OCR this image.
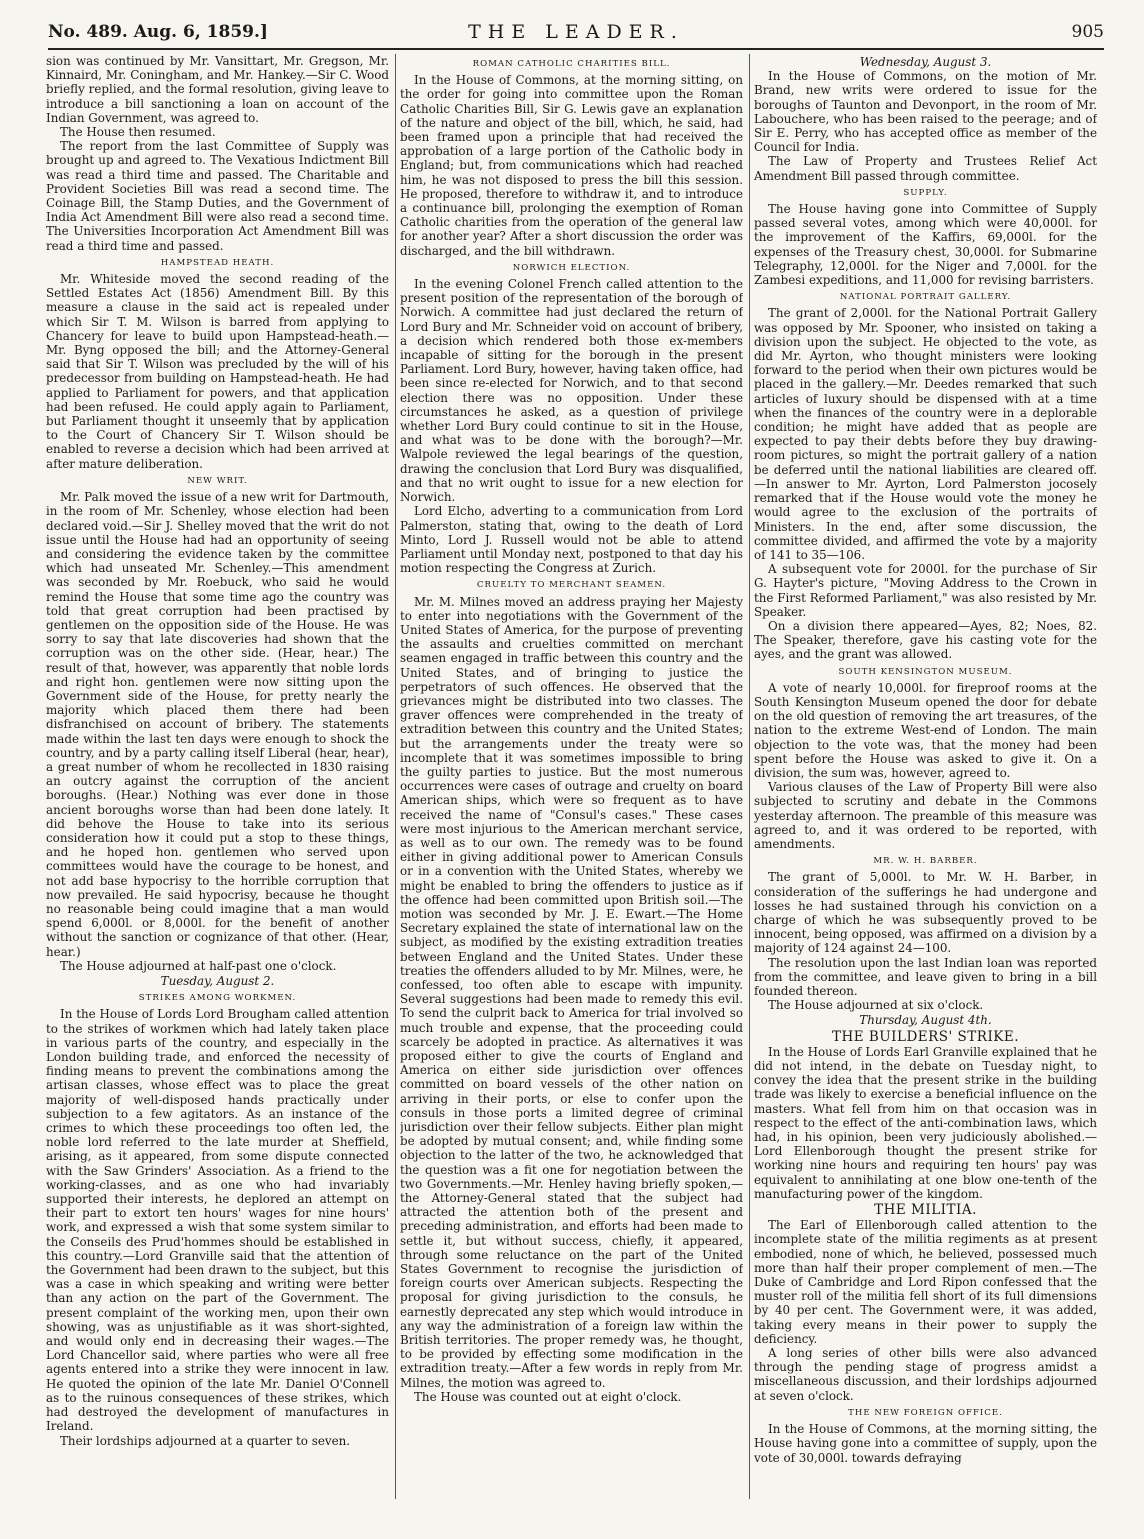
No. 489. Aug. 6, 1859.]	THE LEADER.	905

sion was continued by Mr. Vansittart, Mr. Gregson, Mr. Kinnaird, Mr. Coningham, and Mr. Hankey.—Sir C. Wood briefly replied, and the formal resolution, giving leave to introduce a bill sanctioning a loan on account of the Indian Government, was agreed to.

The House then resumed.

The report from the last Committee of Supply was brought up and agreed to. The Vexatious Indictment Bill was read a third time and passed. The Charitable and Provident Societies Bill was read a second time. The Coinage Bill, the Stamp Duties, and the Government of India Act Amendment Bill were also read a second time. The Universities Incorporation Act Amendment Bill was read a third time and passed.

HAMPSTEAD HEATH.

Mr. Whiteside moved the second reading of the Settled Estates Act (1856) Amendment Bill. By this measure a clause in the said act is repealed under which Sir T. M. Wilson is barred from applying to Chancery for leave to build upon Hampstead-heath.—Mr. Byng opposed the bill; and the Attorney-General said that Sir T. Wilson was precluded by the will of his predecessor from building on Hampstead-heath. He had applied to Parliament for powers, and that application had been refused. He could apply again to Parliament, but Parliament thought it unseemly that by application to the Court of Chancery Sir T. Wilson should be enabled to reverse a decision which had been arrived at after mature deliberation.

NEW WRIT.

Mr. Palk moved the issue of a new writ for Dartmouth, in the room of Mr. Schenley, whose election had been declared void.—Sir J. Shelley moved that the writ do not issue until the House had had an opportunity of seeing and considering the evidence taken by the committee which had unseated Mr. Schenley.—This amendment was seconded by Mr. Roebuck, who said he would remind the House that some time ago the country was told that great corruption had been practised by gentlemen on the opposition side of the House. He was sorry to say that late discoveries had shown that the corruption was on the other side. (Hear, hear.) The result of that, however, was apparently that noble lords and right hon. gentlemen were now sitting upon the Government side of the House, for pretty nearly the majority which placed them there had been disfranchised on account of bribery. The statements made within the last ten days were enough to shock the country, and by a party calling itself Liberal (hear, hear), a great number of whom he recollected in 1830 raising an outcry against the corruption of the ancient boroughs. (Hear.) Nothing was ever done in those ancient boroughs worse than had been done lately. It did behove the House to take into its serious consideration how it could put a stop to these things, and he hoped hon. gentlemen who served upon committees would have the courage to be honest, and not add base hypocrisy to the horrible corruption that now prevailed. He said hypocrisy, because he thought no reasonable being could imagine that a man would spend 6,000l. or 8,000l. for the benefit of another without the sanction or cognizance of that other. (Hear, hear.)

The House adjourned at half-past one o'clock.

Tuesday, August 2.

STRIKES AMONG WORKMEN.

In the House of Lords Lord Brougham called attention to the strikes of workmen which had lately taken place in various parts of the country, and especially in the London building trade, and enforced the necessity of finding means to prevent the combinations among the artisan classes, whose effect was to place the great majority of well-disposed hands practically under subjection to a few agitators. As an instance of the crimes to which these proceedings too often led, the noble lord referred to the late murder at Sheffield, arising, as it appeared, from some dispute connected with the Saw Grinders' Association. As a friend to the working-classes, and as one who had invariably supported their interests, he deplored an attempt on their part to extort ten hours' wages for nine hours' work, and expressed a wish that some system similar to the Conseils des Prud'hommes should be established in this country.—Lord Granville said that the attention of the Government had been drawn to the subject, but this was a case in which speaking and writing were better than any action on the part of the Government. The present complaint of the working men, upon their own showing, was as unjustifiable as it was short-sighted, and would only end in decreasing their wages.—The Lord Chancellor said, where parties who were all free agents entered into a strike they were innocent in law. He quoted the opinion of the late Mr. Daniel O'Connell as to the ruinous consequences of these strikes, which had destroyed the development of manufactures in Ireland.

Their lordships adjourned at a quarter to seven.

ROMAN CATHOLIC CHARITIES BILL.

In the House of Commons, at the morning sitting, on the order for going into committee upon the Roman Catholic Charities Bill, Sir G. Lewis gave an explanation of the nature and object of the bill, which, he said, had been framed upon a principle that had received the approbation of a large portion of the Catholic body in England; but, from communications which had reached him, he was not disposed to press the bill this session. He proposed, therefore to withdraw it, and to introduce a continuance bill, prolonging the exemption of Roman Catholic charities from the operation of the general law for another year? After a short discussion the order was discharged, and the bill withdrawn.

NORWICH ELECTION.

In the evening Colonel French called attention to the present position of the representation of the borough of Norwich. A committee had just declared the return of Lord Bury and Mr. Schneider void on account of bribery, a decision which rendered both those ex-members incapable of sitting for the borough in the present Parliament. Lord Bury, however, having taken office, had been since re-elected for Norwich, and to that second election there was no opposition. Under these circumstances he asked, as a question of privilege whether Lord Bury could continue to sit in the House, and what was to be done with the borough?—Mr. Walpole reviewed the legal bearings of the question, drawing the conclusion that Lord Bury was disqualified, and that no writ ought to issue for a new election for Norwich.

Lord Elcho, adverting to a communication from Lord Palmerston, stating that, owing to the death of Lord Minto, Lord J. Russell would not be able to attend Parliament until Monday next, postponed to that day his motion respecting the Congress at Zurich.

CRUELTY TO MERCHANT SEAMEN.

Mr. M. Milnes moved an address praying her Majesty to enter into negotiations with the Government of the United States of America, for the purpose of preventing the assaults and cruelties committed on merchant seamen engaged in traffic between this country and the United States, and of bringing to justice the perpetrators of such offences. He observed that the grievances might be distributed into two classes. The graver offences were comprehended in the treaty of extradition between this country and the United States; but the arrangements under the treaty were so incomplete that it was sometimes impossible to bring the guilty parties to justice. But the most numerous occurrences were cases of outrage and cruelty on board American ships, which were so frequent as to have received the name of "Consul's cases." These cases were most injurious to the American merchant service, as well as to our own. The remedy was to be found either in giving additional power to American Consuls or in a convention with the United States, whereby we might be enabled to bring the offenders to justice as if the offence had been committed upon British soil.—The motion was seconded by Mr. J. E. Ewart.—The Home Secretary explained the state of international law on the subject, as modified by the existing extradition treaties between England and the United States. Under these treaties the offenders alluded to by Mr. Milnes, were, he confessed, too often able to escape with impunity. Several suggestions had been made to remedy this evil. To send the culprit back to America for trial involved so much trouble and expense, that the proceeding could scarcely be adopted in practice. As alternatives it was proposed either to give the courts of England and America on either side jurisdiction over offences committed on board vessels of the other nation on arriving in their ports, or else to confer upon the consuls in those ports a limited degree of criminal jurisdiction over their fellow subjects. Either plan might be adopted by mutual consent; and, while finding some objection to the latter of the two, he acknowledged that the question was a fit one for negotiation between the two Governments.—Mr. Henley having briefly spoken,—the Attorney-General stated that the subject had attracted the attention both of the present and preceding administration, and efforts had been made to settle it, but without success, chiefly, it appeared, through some reluctance on the part of the United States Government to recognise the jurisdiction of foreign courts over American subjects. Respecting the proposal for giving jurisdiction to the consuls, he earnestly deprecated any step which would introduce in any way the administration of a foreign law within the British territories. The proper remedy was, he thought, to be provided by effecting some modification in the extradition treaty.—After a few words in reply from Mr. Milnes, the motion was agreed to.

The House was counted out at eight o'clock.

Wednesday, August 3.

In the House of Commons, on the motion of Mr. Brand, new writs were ordered to issue for the boroughs of Taunton and Devonport, in the room of Mr. Labouchere, who has been raised to the peerage; and of Sir E. Perry, who has accepted office as member of the Council for India.

The Law of Property and Trustees Relief Act Amendment Bill passed through committee.

SUPPLY.

The House having gone into Committee of Supply passed several votes, among which were 40,000l. for the improvement of the Kaffirs, 69,000l. for the expenses of the Treasury chest, 30,000l. for Submarine Telegraphy, 12,000l. for the Niger and 7,000l. for the Zambesi expeditions, and 11,000 for revising barristers.

NATIONAL PORTRAIT GALLERY.

The grant of 2,000l. for the National Portrait Gallery was opposed by Mr. Spooner, who insisted on taking a division upon the subject. He objected to the vote, as did Mr. Ayrton, who thought ministers were looking forward to the period when their own pictures would be placed in the gallery.—Mr. Deedes remarked that such articles of luxury should be dispensed with at a time when the finances of the country were in a deplorable condition; he might have added that as people are expected to pay their debts before they buy drawing-room pictures, so might the portrait gallery of a nation be deferred until the national liabilities are cleared off.—In answer to Mr. Ayrton, Lord Palmerston jocosely remarked that if the House would vote the money he would agree to the exclusion of the portraits of Ministers. In the end, after some discussion, the committee divided, and affirmed the vote by a majority of 141 to 35—106.

A subsequent vote for 2000l. for the purchase of Sir G. Hayter's picture, "Moving Address to the Crown in the First Reformed Parliament," was also resisted by Mr. Speaker.

On a division there appeared—Ayes, 82; Noes, 82. The Speaker, therefore, gave his casting vote for the ayes, and the grant was allowed.

SOUTH KENSINGTON MUSEUM.

A vote of nearly 10,000l. for fireproof rooms at the South Kensington Museum opened the door for debate on the old question of removing the art treasures, of the nation to the extreme West-end of London. The main objection to the vote was, that the money had been spent before the House was asked to give it. On a division, the sum was, however, agreed to.

Various clauses of the Law of Property Bill were also subjected to scrutiny and debate in the Commons yesterday afternoon. The preamble of this measure was agreed to, and it was ordered to be reported, with amendments.

MR. W. H. BARBER.

The grant of 5,000l. to Mr. W. H. Barber, in consideration of the sufferings he had undergone and losses he had sustained through his conviction on a charge of which he was subsequently proved to be innocent, being opposed, was affirmed on a division by a majority of 124 against 24—100.

The resolution upon the last Indian loan was reported from the committee, and leave given to bring in a bill founded thereon.

The House adjourned at six o'clock.

Thursday, August 4th.

THE BUILDERS' STRIKE.

In the House of Lords Earl Granville explained that he did not intend, in the debate on Tuesday night, to convey the idea that the present strike in the building trade was likely to exercise a beneficial influence on the masters. What fell from him on that occasion was in respect to the effect of the anti-combination laws, which had, in his opinion, been very judiciously abolished.—Lord Ellenborough thought the present strike for working nine hours and requiring ten hours' pay was equivalent to annihilating at one blow one-tenth of the manufacturing power of the kingdom.

THE MILITIA.

The Earl of Ellenborough called attention to the incomplete state of the militia regiments as at present embodied, none of which, he believed, possessed much more than half their proper complement of men.—The Duke of Cambridge and Lord Ripon confessed that the muster roll of the militia fell short of its full dimensions by 40 per cent. The Government were, it was added, taking every means in their power to supply the deficiency.

A long series of other bills were also advanced through the pending stage of progress amidst a miscellaneous discussion, and their lordships adjourned at seven o'clock.

THE NEW FOREIGN OFFICE.

In the House of Commons, at the morning sitting, the House having gone into a committee of supply, upon the vote of 30,000l. towards defraying
